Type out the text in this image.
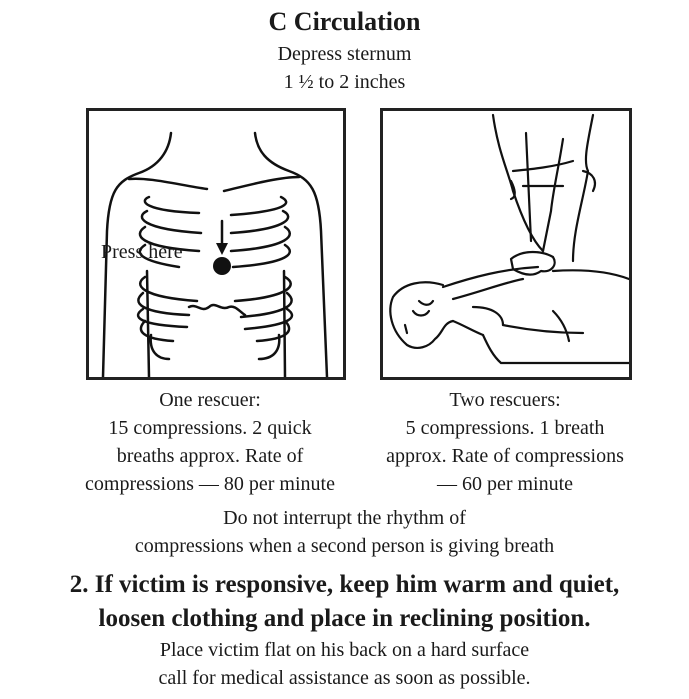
C Circulation
Depress sternum
1 ½ to 2 inches
Press here
One rescuer:
15 compressions. 2 quick
breaths approx. Rate of
compressions — 80 per minute
Two rescuers:
5 compressions. 1 breath
approx. Rate of compressions
— 60 per minute
Do not interrupt the rhythm of
compressions when a second person is giving breath
2. If victim is responsive, keep him warm and quiet,
loosen clothing and place in reclining position.
Place victim flat on his back on a hard surface
call for medical assistance as soon as possible.
